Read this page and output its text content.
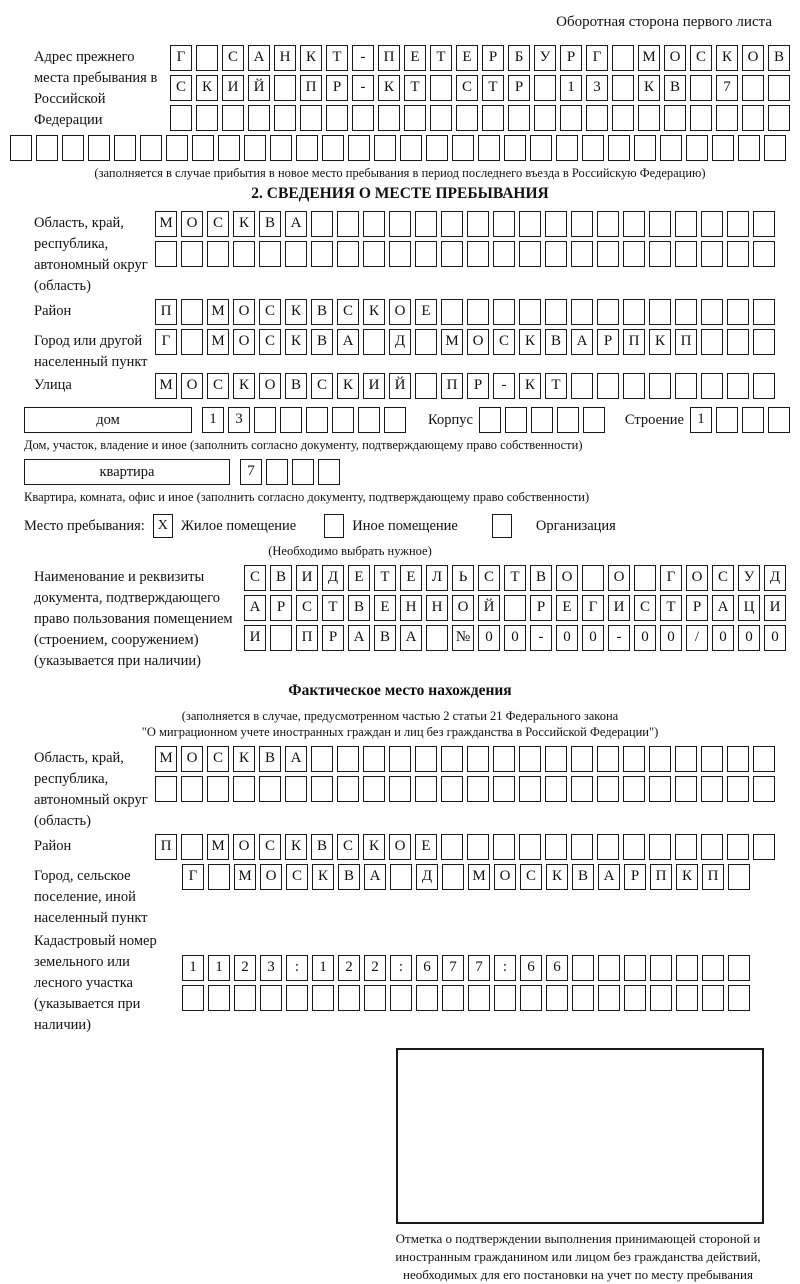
Оборотная сторона первого листа
Адрес прежнего места пребывания в Российской Федерации
Г	С А Н К Т - П Е Т Е Р Б У Р Г	М О С К О В
С К И Й	П Р - К Т	С Т Р	1 3	К В	7
(заполняется в случае прибытия в новое место пребывания в период последнего въезда в Российскую Федерацию)
2. СВЕДЕНИЯ О МЕСТЕ ПРЕБЫВАНИЯ
Область, край, республика, автономный округ (область)
М О С К В А
Район	П	М О С К В С К О Е
Город или другой населенный пункт
Г	М О С К В А	Д	М О С К В А Р П К П
Улица	М О С К О В С К И Й	П Р - К Т
дом	1 3	Корпус	Строение 1
Дом, участок, владение и иное (заполнить согласно документу, подтверждающему право собственности)
квартира	7
Квартира, комната, офис и иное (заполнить согласно документу, подтверждающему право собственности)
Место пребывания: X Жилое помещение	Иное помещение	Организация
(Необходимо выбрать нужное)
Наименование и реквизиты документа, подтверждающего право пользования помещением (строением, сооружением) (указывается при наличии)
С В И Д Е Т Е Л Ь С Т В О	О	Г О С У Д
А Р С Т В Е Н Н О Й	Р Е Г И С Т Р А Ц И
И	П Р А В А	№ 0 0 - 0 0 - 0 0 / 0 0 0
Фактическое место нахождения
(заполняется в случае, предусмотренном частью 2 статьи 21 Федерального закона
"О миграционном учете иностранных граждан и лиц без гражданства в Российской Федерации")
Область, край, республика, автономный округ (область)
М О С К В А
Район	П	М О С К В С К О Е
Город, сельское поселение, иной населенный пункт
Г	М О С К В А	Д	М О С К В А Р П К П
Кадастровый номер земельного или лесного участка (указывается при наличии)
1 1 2 3 : 1 2 2 : 6 7 7 : 6 6
Отметка о подтверждении выполнения принимающей стороной и иностранным гражданином или лицом без гражданства действий, необходимых для его постановки на учет по месту пребывания
